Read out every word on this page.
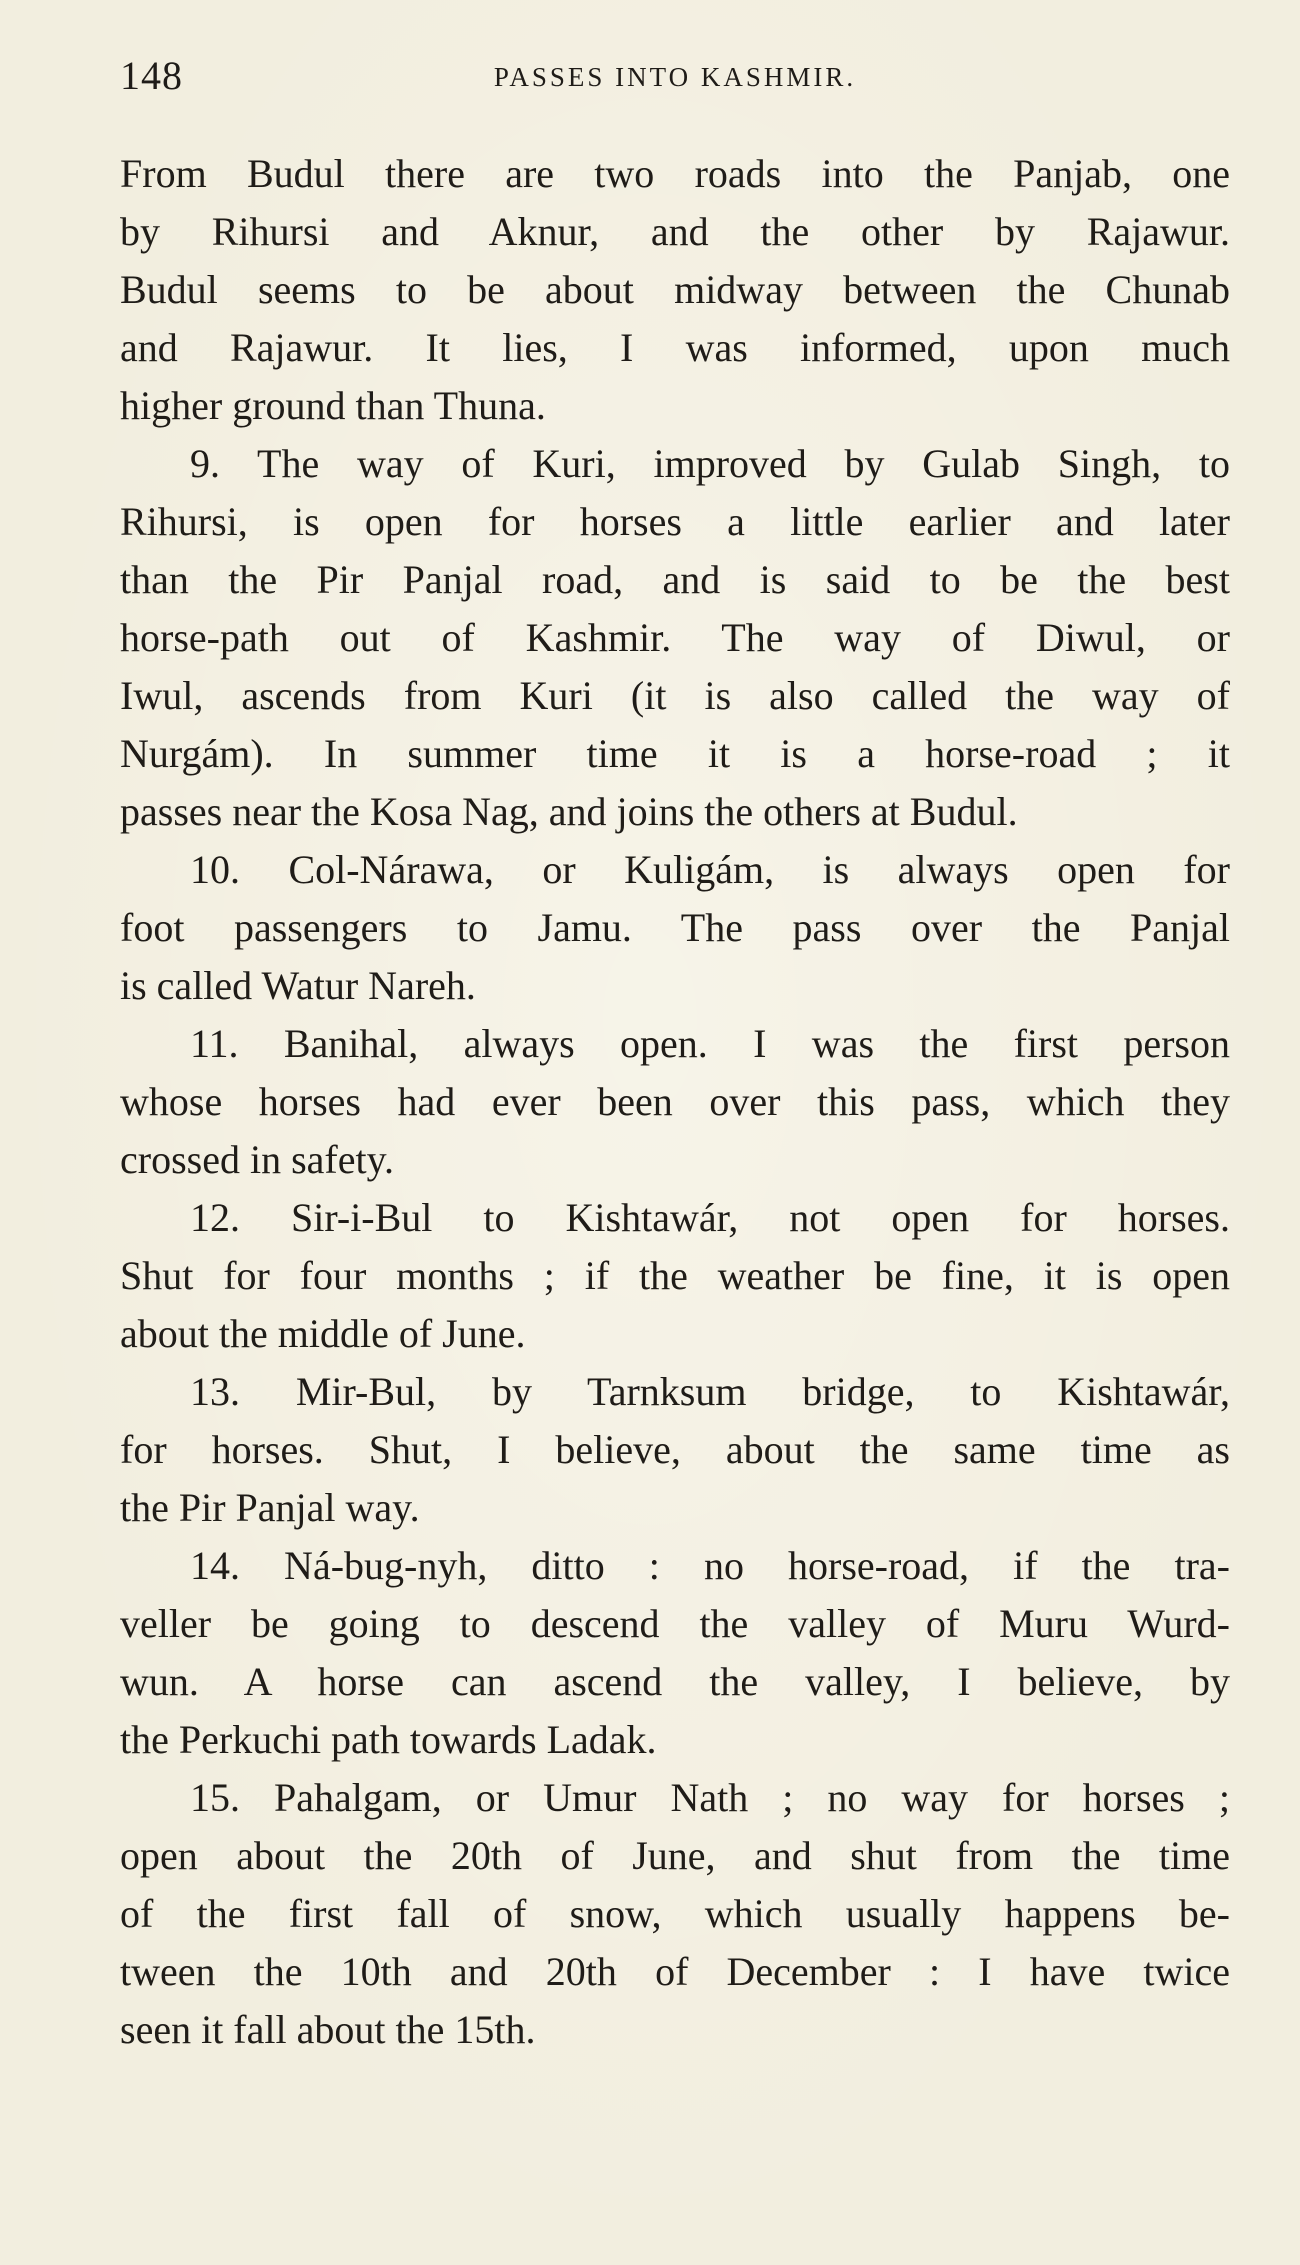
148	PASSES INTO KASHMIR.
From Budul there are two roads into the Panjab, one
by Rihursi and Aknur, and the other by Rajawur.
Budul seems to be about midway between the Chunab
and Rajawur. It lies, I was informed, upon much
higher ground than Thuna.
9. The way of Kuri, improved by Gulab Singh, to
Rihursi, is open for horses a little earlier and later
than the Pir Panjal road, and is said to be the best
horse-path out of Kashmir. The way of Diwul, or
Iwul, ascends from Kuri (it is also called the way of
Nurgám). In summer time it is a horse-road ; it
passes near the Kosa Nag, and joins the others at Budul.
10. Col-Nárawa, or Kuligám, is always open for
foot passengers to Jamu. The pass over the Panjal
is called Watur Nareh.
11. Banihal, always open. I was the first person
whose horses had ever been over this pass, which they
crossed in safety.
12. Sir-i-Bul to Kishtawár, not open for horses.
Shut for four months ; if the weather be fine, it is open
about the middle of June.
13. Mir-Bul, by Tarnksum bridge, to Kishtawár,
for horses. Shut, I believe, about the same time as
the Pir Panjal way.
14. Ná-bug-nyh, ditto : no horse-road, if the tra-
veller be going to descend the valley of Muru Wurd-
wun. A horse can ascend the valley, I believe, by
the Perkuchi path towards Ladak.
15. Pahalgam, or Umur Nath ; no way for horses ;
open about the 20th of June, and shut from the time
of the first fall of snow, which usually happens be-
tween the 10th and 20th of December : I have twice
seen it fall about the 15th.
